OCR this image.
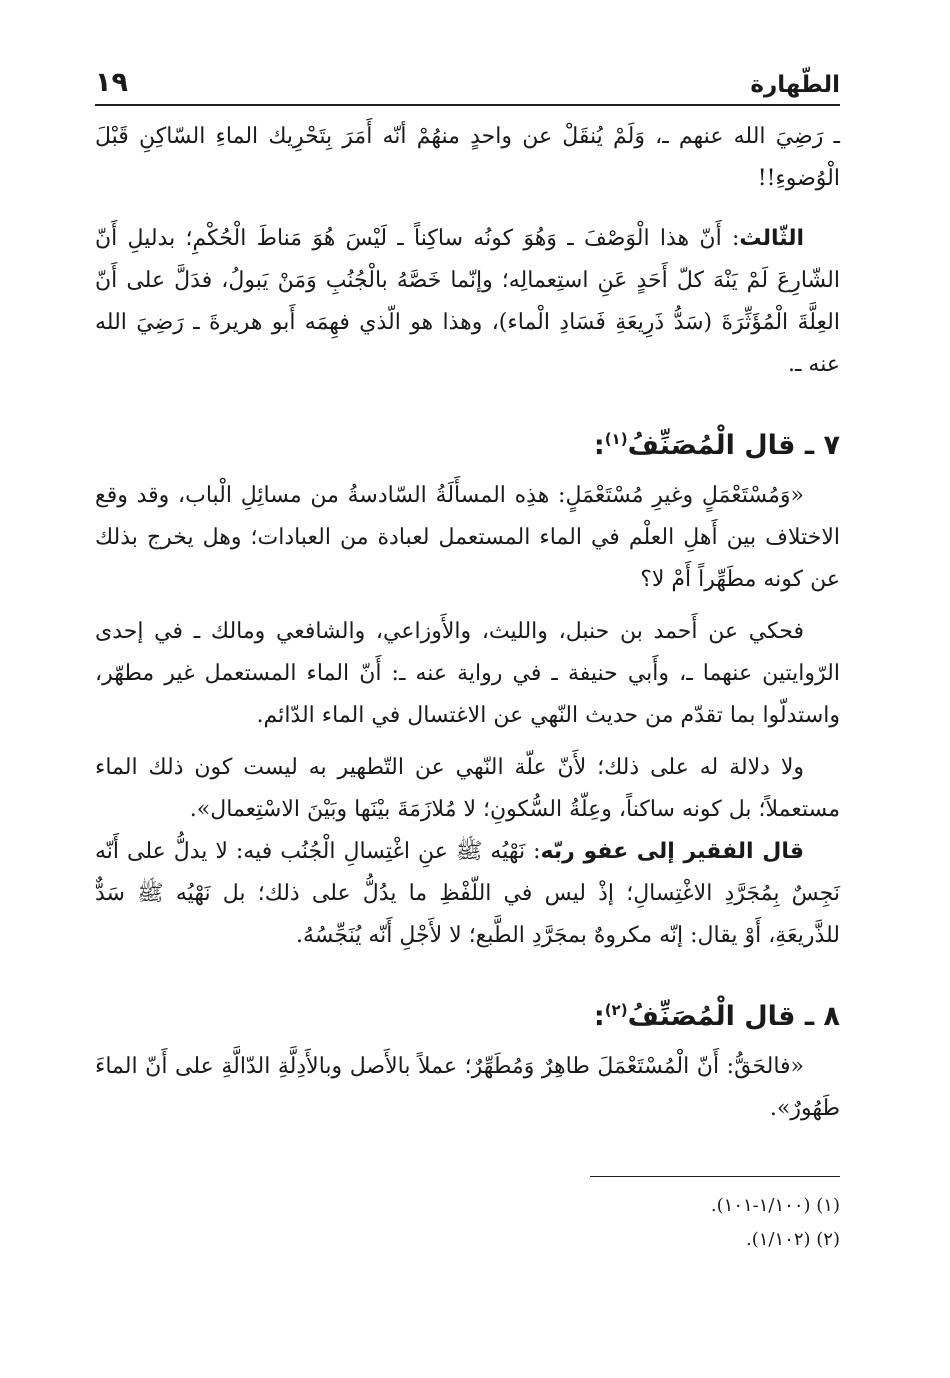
الطّهارة
١٩

ـ رَضِيَ الله عنهم ـ، وَلَمْ يُنقَلْ عن واحدٍ منهُمْ أنّه أَمَرَ بِتَحْرِيك الماءِ السّاكِنِ قَبْلَ الْوُضوءِ!!

الثّالث: أَنّ هذا الْوَصْفَ ـ وَهُوَ كونُه ساكِناً ـ لَيْسَ هُوَ مَناطَ الْحُكْمِ؛ بدليلِ أَنّ الشّارِعَ لَمْ يَنْهَ كلّ أَحَدٍ عَنِ استِعمالِه؛ وإنّما خَصَّهُ بالْجُنُبِ وَمَنْ يَبولُ، فدَلَّ على أَنّ العِلَّةَ الْمُؤَثِّرَةَ (سَدُّ ذَرِيعَةِ فَسَادِ الْماء)، وهذا هو الّذي فهِمَه أَبو هريرةَ ـ رَضِيَ الله عنه ـ.

٧ ـ قال الْمُصَنِّفُ$^{(١)}$:

«وَمُسْتَعْمَلٍ وغيرِ مُسْتَعْمَلٍ: هذِه المسأَلَةُ السّادسةُ من مسائِلِ الْباب، وقد وقع الاختلاف بين أَهلِ العلْم في الماء المستعمل لعبادة من العبادات؛ وهل يخرج بذلك عن كونه مطَهِّراً أَمْ لا؟

فحكي عن أَحمد بن حنبل، والليث، والأَوزاعي، والشافعي ومالك ـ في إحدى الرّوايتين عنهما ـ، وأَبي حنيفة ـ في رواية عنه ـ: أَنّ الماء المستعمل غير مطهّر، واستدلّوا بما تقدّم من حديث النّهي عن الاغتسال في الماء الدّائم.

ولا دلالة له على ذلك؛ لأَنّ علّة النّهي عن التّطهير به ليست كون ذلك الماء مستعملاً؛ بل كونه ساكناً، وعِلّةُ السُّكونِ؛ لا مُلازَمَةَ بيْنَها وبَيْنَ الاسْتِعمال».

قال الفقير إلى عفو ربّه: نَهْيُه ﷺ عنِ اغْتِسالِ الْجُنُب فيه: لا يدلُّ على أَنّه نَجِسٌ بِمُجَرَّدِ الاغْتِسالِ؛ إذْ ليس في اللّفْظِ ما يدُلُّ على ذلك؛ بل نَهْيُه ﷺ سَدٌّ للذَّريعَةِ، أَوْ يقال: إنّه مكروهٌ بمجَرَّدِ الطَّبع؛ لا لأَجْلِ أَنّه يُنَجِّسُهُ.

٨ ـ قال الْمُصَنِّفُ$^{(٢)}$:

«فالحَقُّ: أَنّ الْمُسْتَعْمَلَ طاهِرٌ وَمُطَهِّرٌ؛ عملاً بالأَصل وبالأَدِلَّةِ الدّالَّةِ على أَنّ الماءَ طَهُورٌ».

(١) (١/١٠٠-١٠١).

(٢) (١/١٠٢).
